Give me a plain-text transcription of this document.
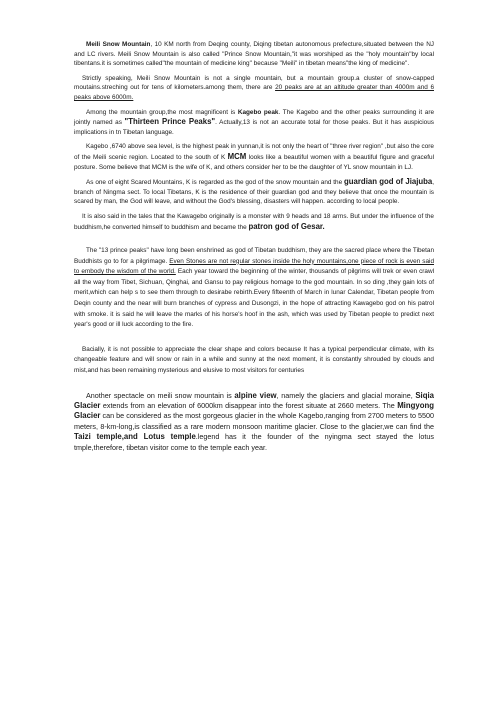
Meili Snow Mountain, 10 KM north from Deqing county, Diqing tibetan autonomous prefecture,situated between the NJ and LC rivers. Meili Snow Mountain is also called "Prince Snow Mountain,"it was worshiped as the "holy mountain"by local tibentans.it is sometimes called"the mountain of medicine king" because "Meili" in tibetan means"the king of medicine".

Strictly speaking, Meili Snow Mountain is not a single mountain, but a mountain group.a cluster of snow-capped moutains.streching out for tens of kilometers.among them, there are 20 peaks are at an altitude greater than 4000m and 6 peaks above 6000m.

Among the mountain group,the most magnificent is Kagebo peak. The Kagebo and the other peaks surrounding it are jointly named as "Thirteen Prince Peaks". Actually,13 is not an accurate total for those peaks. But it has auspicious implications in tn Tibetan language.

Kagebo ,6740 above sea level, is the highest peak in yunnan,it is not only the heart of "three river region" ,but also the core of the Meili scenic region. Located to the south of K MCM looks like a beautiful women with a beautiful figure and graceful posture. Some believe that MCM is the wife of K, and others consider her to be the daughter of YL snow mountain in LJ.

As one of eight Scared Mountains, K is regarded as the god of the snow mountain and the guardian god of Jiajuba, branch of Ningma sect. To local Tibetans, K is the residence of their guardian god and they believe that once the mountain is scared by man, the God will leave, and without the God's blessing, disasters will happen. according to local people.

It is also said in the tales that the Kawagebo originally is a monster with 9 heads and 18 arms. But under the influence of the buddhism,he converted himself to buddhism and became the patron god of Gesar.

The "13 prince peaks" have long been enshrined as god of Tibetan buddhism, they are the sacred place where the Tibetan Buddhists go to for a pilgrimage. Even Stones are not regular stones inside the holy mountains,one piece of rock is even said to embody the wisdom of the world. Each year toward the beginning of the winter, thousands of pilgrims will trek or even crawl all the way from Tibet, Sichuan, Qinghai, and Gansu to pay religious homage to the god mountain. In so ding ,they gain lots of merit,which can help s to see them through to desirabe rebirth.Every fifteenth of March in lunar Calendar, Tibetan people from Deqin county and the near will burn branches of cypress and Dusongzi, in the hope of attracting Kawagebo god on his patrol with smoke. it is said he will leave the marks of his horse's hoof in the ash, which was used by Tibetan people to predict next year's good or ill luck according to the fire.

Bacially, it is not possible to appreciate the clear shape and colors because It has a typical perpendicular climate, with its changeable feature and will snow or rain in a while and sunny at the next moment, it is constantly shrouded by clouds and mist,and has been remaining mysterious and elusive to most visitors for centuries

Another spectacle on meili snow mountain is alpine view, namely the glaciers and glacial moraine, Siqia Glacier extends from an elevation of 6000km disappear into the forest situate at 2660 meters. The Mingyong Glacier can be considered as the most gorgeous glacier in the whole Kagebo,ranging from 2700 meters to 5500 meters, 8-km-long,is classified as a rare modern monsoon maritime glacier. Close to the glacier,we can find the Taizi temple,and Lotus temple.legend has it the founder of the nyingma sect stayed the lotus tmple,therefore, tibetan visitor come to the temple each year.
